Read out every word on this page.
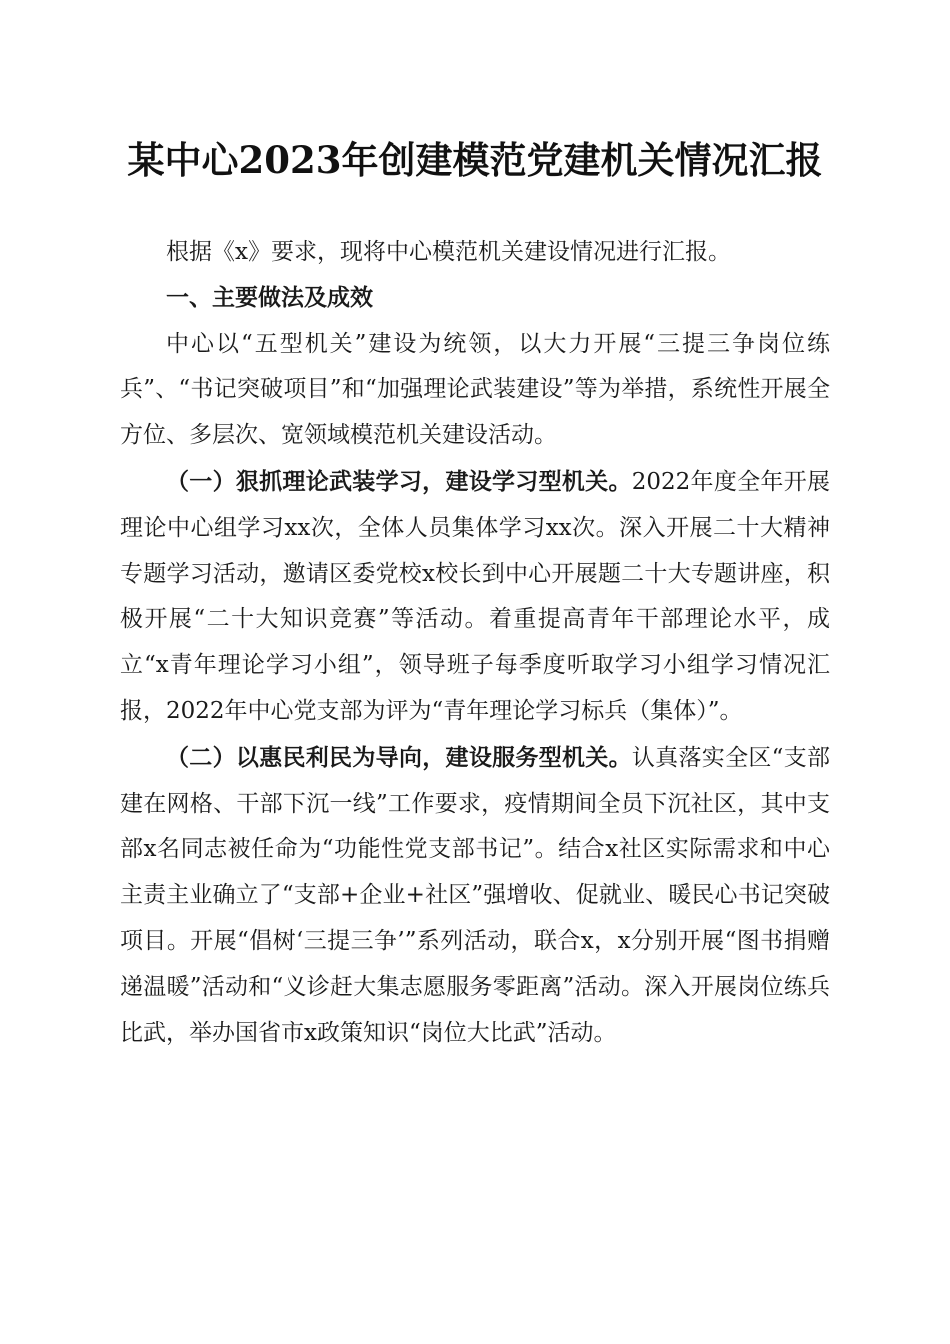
某中心2023年创建模范党建机关情况汇报

根据《x》要求，现将中心模范机关建设情况进行汇报。

一、主要做法及成效

中心以“五型机关”建设为统领，以大力开展“三提三争岗位练兵”、“书记突破项目”和“加强理论武装建设”等为举措，系统性开展全方位、多层次、宽领域模范机关建设活动。

（一）狠抓理论武装学习，建设学习型机关。2022年度全年开展理论中心组学习xx次，全体人员集体学习xx次。深入开展二十大精神专题学习活动，邀请区委党校x校长到中心开展题二十大专题讲座，积极开展“二十大知识竞赛”等活动。着重提高青年干部理论水平，成立“x青年理论学习小组”，领导班子每季度听取学习小组学习情况汇报，2022年中心党支部为评为“青年理论学习标兵（集体）”。

（二）以惠民利民为导向，建设服务型机关。认真落实全区“支部建在网格、干部下沉一线”工作要求，疫情期间全员下沉社区，其中支部x名同志被任命为“功能性党支部书记”。结合x社区实际需求和中心主责主业确立了“支部+企业+社区”强增收、促就业、暖民心书记突破项目。开展“倡树‘三提三争’”系列活动，联合x，x分别开展“图书捐赠递温暖”活动和“义诊赶大集志愿服务零距离”活动。深入开展岗位练兵比武，举办国省市x政策知识“岗位大比武”活动。
